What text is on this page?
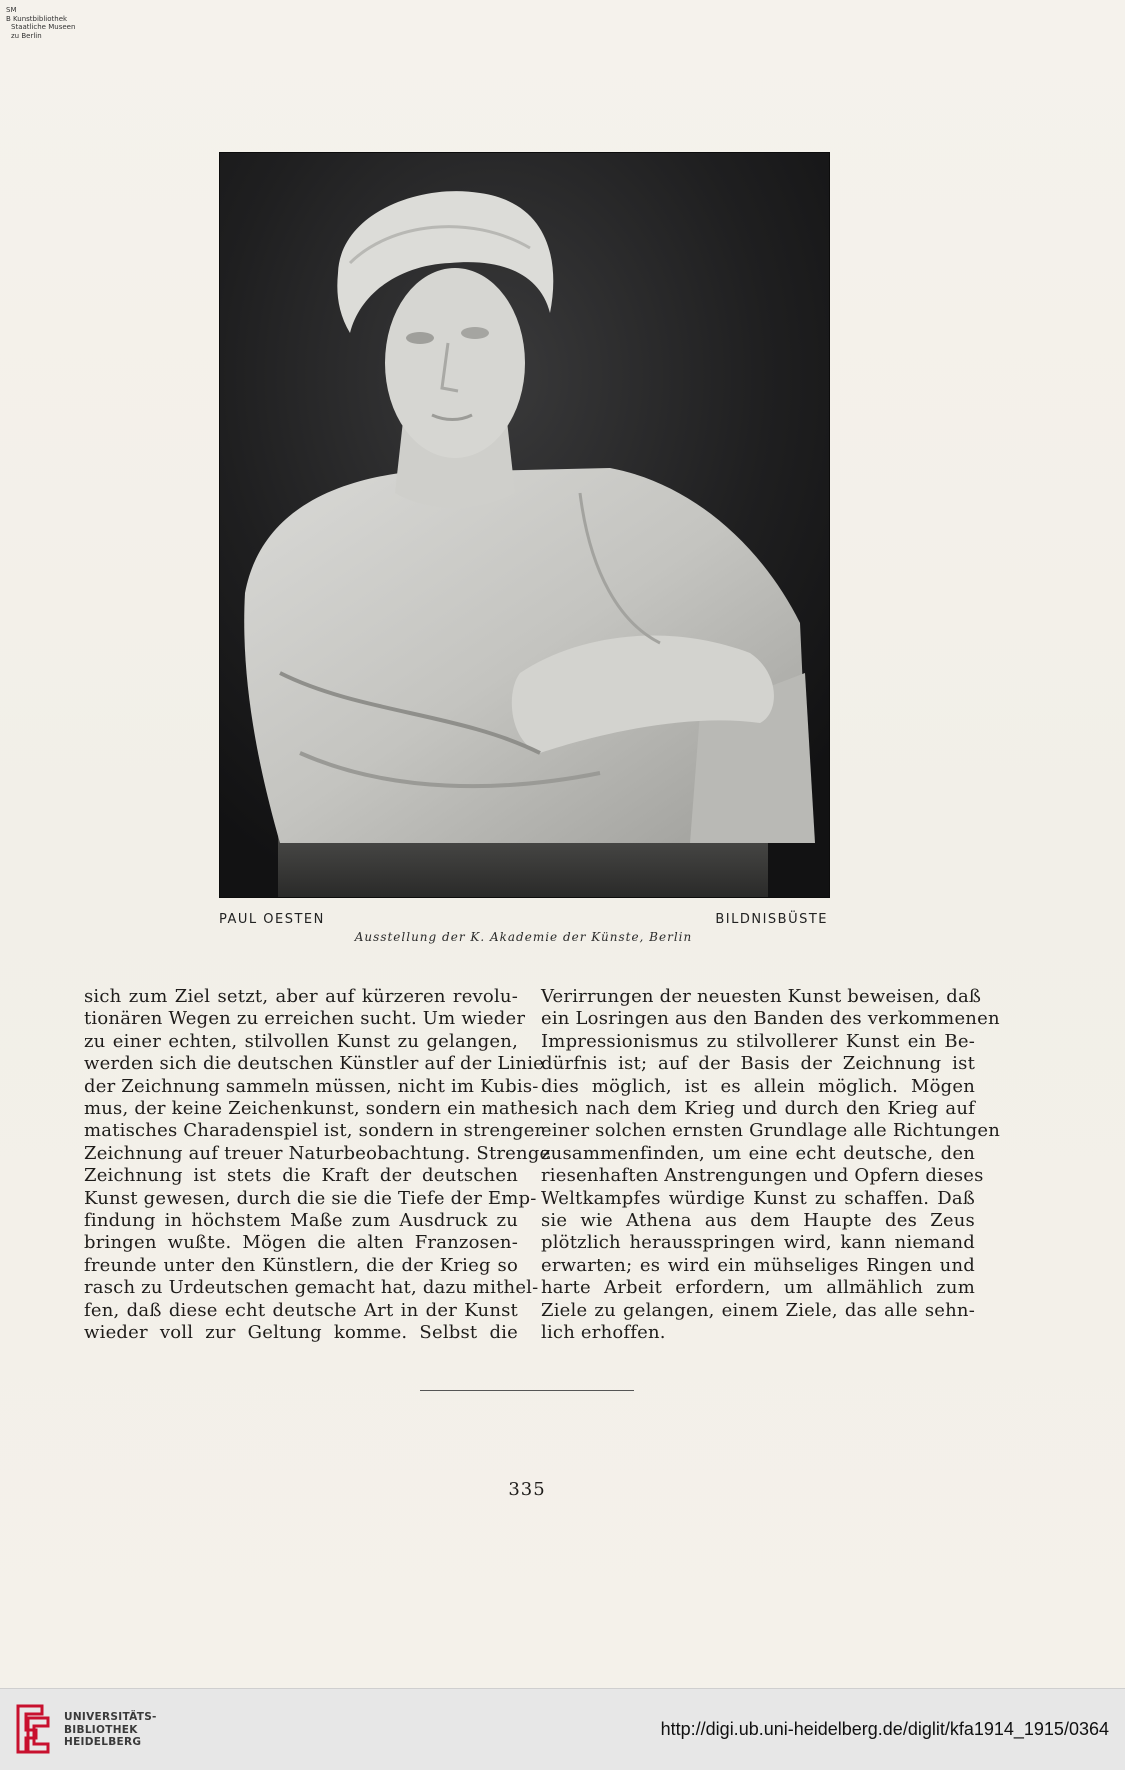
SM
B Kunstbibliothek
Staatliche Museen
zu Berlin
PAUL OESTEN	BILDNISBÜSTE
Ausstellung der K. Akademie der Künste, Berlin
sich zum Ziel setzt, aber auf kürzeren revolu-
tionären Wegen zu erreichen sucht. Um wieder
zu einer echten, stilvollen Kunst zu gelangen,
werden sich die deutschen Künstler auf der Linie
der Zeichnung sammeln müssen, nicht im Kubis-
mus, der keine Zeichenkunst, sondern ein mathe-
matisches Charadenspiel ist, sondern in strenger
Zeichnung auf treuer Naturbeobachtung. Strenge
Zeichnung ist stets die Kraft der deutschen
Kunst gewesen, durch die sie die Tiefe der Emp-
findung in höchstem Maße zum Ausdruck zu
bringen wußte. Mögen die alten Franzosen-
freunde unter den Künstlern, die der Krieg so
rasch zu Urdeutschen gemacht hat, dazu mithel-
fen, daß diese echt deutsche Art in der Kunst
wieder voll zur Geltung komme. Selbst die
Verirrungen der neuesten Kunst beweisen, daß
ein Losringen aus den Banden des verkommenen
Impressionismus zu stilvollerer Kunst ein Be-
dürfnis ist; auf der Basis der Zeichnung ist
dies möglich, ist es allein möglich. Mögen
sich nach dem Krieg und durch den Krieg auf
einer solchen ernsten Grundlage alle Richtungen
zusammenfinden, um eine echt deutsche, den
riesenhaften Anstrengungen und Opfern dieses
Weltkampfes würdige Kunst zu schaffen. Daß
sie wie Athena aus dem Haupte des Zeus
plötzlich herausspringen wird, kann niemand
erwarten; es wird ein mühseliges Ringen und
harte Arbeit erfordern, um allmählich zum
Ziele zu gelangen, einem Ziele, das alle sehn-
lich erhoffen.
335
UNIVERSITÄTS-
BIBLIOTHEK
HEIDELBERG
http://digi.ub.uni-heidelberg.de/diglit/kfa1914_1915/0364
